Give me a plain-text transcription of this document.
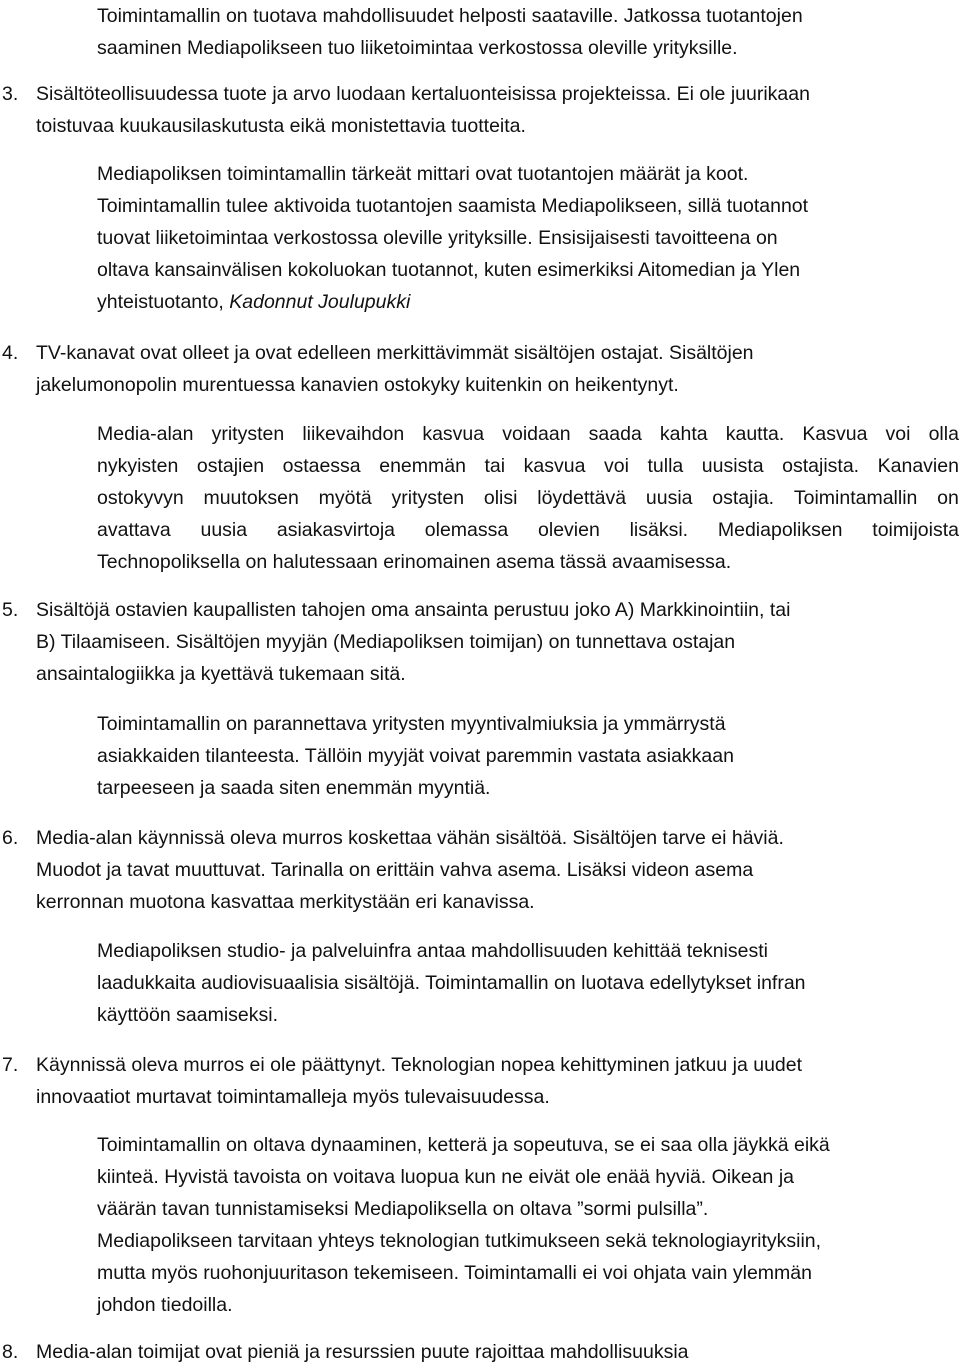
Toimintamallin on tuotava mahdollisuudet helposti saataville. Jatkossa tuotantojen
saaminen Mediapolikseen tuo liiketoimintaa verkostossa oleville yrityksille.
3. Sisältöteollisuudessa tuote ja arvo luodaan kertaluonteisissa projekteissa. Ei ole juurikaan
toistuvaa kuukausilaskutusta eikä monistettavia tuotteita.
Mediapoliksen toimintamallin tärkeät mittari ovat tuotantojen määrät ja koot.
Toimintamallin tulee aktivoida tuotantojen saamista Mediapolikseen, sillä tuotannot
tuovat liiketoimintaa verkostossa oleville yrityksille. Ensisijaisesti tavoitteena on
oltava kansainvälisen kokoluokan tuotannot, kuten esimerkiksi Aitomedian ja Ylen
yhteistuotanto, Kadonnut Joulupukki
4. TV-kanavat ovat olleet ja ovat edelleen merkittävimmät sisältöjen ostajat. Sisältöjen
jakelumonopolin murentuessa kanavien ostokyky kuitenkin on heikentynyt.
Media-alan yritysten liikevaihdon kasvua voidaan saada kahta kautta. Kasvua voi olla
nykyisten ostajien ostaessa enemmän tai kasvua voi tulla uusista ostajista. Kanavien
ostokyvyn muutoksen myötä yritysten olisi löydettävä uusia ostajia. Toimintamallin on
avattava uusia asiakasvirtoja olemassa olevien lisäksi. Mediapoliksen toimijoista
Technopoliksella on halutessaan erinomainen asema tässä avaamisessa.
5. Sisältöjä ostavien kaupallisten tahojen oma ansainta perustuu joko A) Markkinointiin, tai
B) Tilaamiseen. Sisältöjen myyjän (Mediapoliksen toimijan) on tunnettava ostajan
ansaintalogiikka ja kyettävä tukemaan sitä.
Toimintamallin on parannettava yritysten myyntivalmiuksia ja ymmärrystä
asiakkaiden tilanteesta. Tällöin myyjät voivat paremmin vastata asiakkaan
tarpeeseen ja saada siten enemmän myyntiä.
6. Media-alan käynnissä oleva murros koskettaa vähän sisältöä. Sisältöjen tarve ei häviä.
Muodot ja tavat muuttuvat. Tarinalla on erittäin vahva asema. Lisäksi videon asema
kerronnan muotona kasvattaa merkitystään eri kanavissa.
Mediapoliksen studio- ja palveluinfra antaa mahdollisuuden kehittää teknisesti
laadukkaita audiovisuaalisia sisältöjä. Toimintamallin on luotava edellytykset infran
käyttöön saamiseksi.
7. Käynnissä oleva murros ei ole päättynyt. Teknologian nopea kehittyminen jatkuu ja uudet
innovaatiot murtavat toimintamalleja myös tulevaisuudessa.
Toimintamallin on oltava dynaaminen, ketterä ja sopeutuva, se ei saa olla jäykkä eikä
kiinteä. Hyvistä tavoista on voitava luopua kun ne eivät ole enää hyviä. Oikean ja
väärän tavan tunnistamiseksi Mediapoliksella on oltava ”sormi pulsilla”.
Mediapolikseen tarvitaan yhteys teknologian tutkimukseen sekä teknologiayrityksiin,
mutta myös ruohonjuuritason tekemiseen. Toimintamalli ei voi ohjata vain ylemmän
johdon tiedoilla.
8. Media-alan toimijat ovat pieniä ja resurssien puute rajoittaa mahdollisuuksia
